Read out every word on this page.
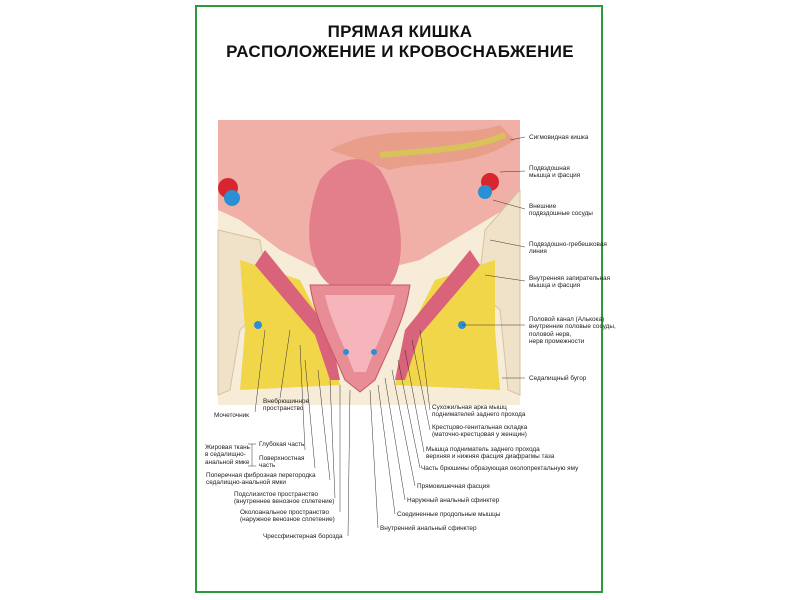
ПРЯМАЯ КИШКА
РАСПОЛОЖЕНИЕ И КРОВОСНАБЖЕНИЕ
Сигмовидная кишка
Подвздошная
мышца и фасция
Внешние
подвздошные сосуды
Подвздошно-гребешковая
линия
Внутренняя запирательная
мышца и фасция
Половой канал (Алькока)
внутренние половые сосуды,
половой нерв,
нерв промежности
Седалищный бугор
Сухожильная арка мышц
поднимателей заднего прохода
Крестцово-генитальная складка
(маточно-крестцовая у женщин)
Мышца подниматель заднего прохода
верхняя и нижняя фасция диафрагмы таза
Часть брюшины образующая околопректальную яму
Прямокишечная фасция
Наружный анальный сфинктер
Соединенные продольные мышцы
Внутренний анальный сфинктер
Мочеточник
Внебрюшинное
пространство
Глубокая часть
Поверхностная
часть
Жировая ткань
в седалищно-
анальной ямке
Поперечная фиброзная перегородка
седалищно-анальной ямки
Подслизистое пространство
(внутреннее венозное сплетение)
Околоанальное пространство
(наружное венозное сплетение)
Чрессфинктерная борозда
